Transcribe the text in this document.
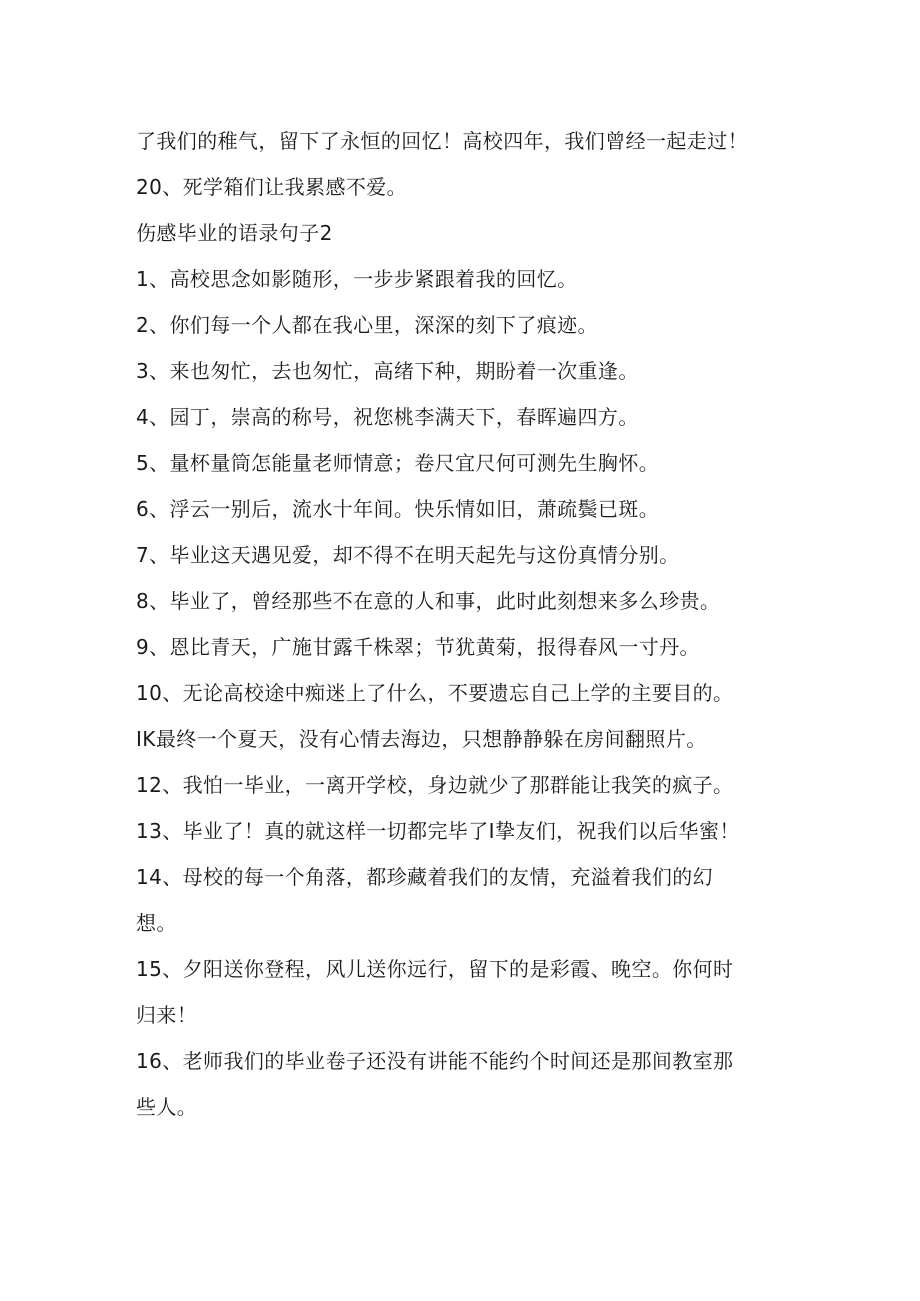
了我们的稚气，留下了永恒的回忆！高校四年，我们曾经一起走过！
20、死学箱们让我累感不爱。
伤感毕业的语录句子2
1、高校思念如影随形，一步步紧跟着我的回忆。
2、你们每一个人都在我心里，深深的刻下了痕迹。
3、来也匆忙，去也匆忙，高绪下种，期盼着一次重逢。
4、园丁，崇高的称号，祝您桃李满天下，春晖遍四方。
5、量杯量筒怎能量老师情意；卷尺宜尺何可测先生胸怀。
6、浮云一别后，流水十年间。快乐情如旧，萧疏鬓已斑。
7、毕业这天遇见爱，却不得不在明天起先与这份真情分别。
8、毕业了，曾经那些不在意的人和事，此时此刻想来多么珍贵。
9、恩比青天，广施甘露千株翠；节犹黄菊，报得春风一寸丹。
10、无论高校途中痴迷上了什么，不要遗忘自己上学的主要目的。
IK最终一个夏天，没有心情去海边，只想静静躲在房间翻照片。
12、我怕一毕业，一离开学校，身边就少了那群能让我笑的疯子。
13、毕业了！真的就这样一切都完毕了I挚友们，祝我们以后华蜜！
14、母校的每一个角落，都珍藏着我们的友情，充溢着我们的幻
想。
15、夕阳送你登程，风儿送你远行，留下的是彩霞、晚空。你何时
归来！
16、老师我们的毕业卷子还没有讲能不能约个时间还是那间教室那
些人。
